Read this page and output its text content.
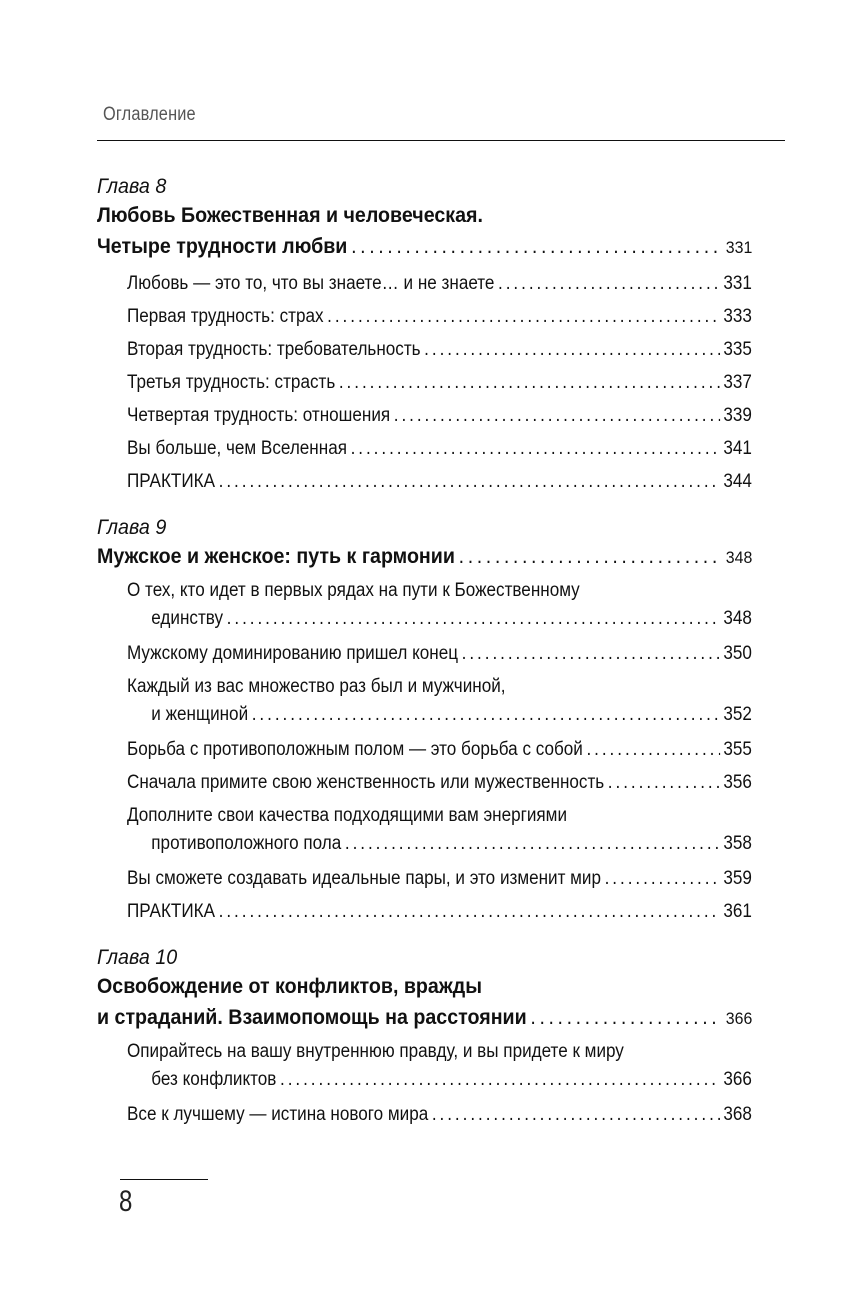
Оглавление
Глава 8
Любовь Божественная и человеческая.
Четыре трудности любви . . .	331
Любовь — это то, что вы знаете… и не знаете . . .	331
Первая трудность: страх . . .	333
Вторая трудность: требовательность . . .	335
Третья трудность: страсть . . .	337
Четвертая трудность: отношения . . .	339
Вы больше, чем Вселенная . . .	341
ПРАКТИКА . . .	344
Глава 9
Мужское и женское: путь к гармонии . . .	348
О тех, кто идет в первых рядах на пути к Божественному
единству . . .	348
Мужскому доминированию пришел конец . . .	350
Каждый из вас множество раз был и мужчиной,
и женщиной . . .	352
Борьба с противоположным полом — это борьба с собой . . .	355
Сначала примите свою женственность или мужественность . . .	356
Дополните свои качества подходящими вам энергиями
противоположного пола . . .	358
Вы сможете создавать идеальные пары, и это изменит мир . . .	359
ПРАКТИКА . . .	361
Глава 10
Освобождение от конфликтов, вражды
и страданий. Взаимопомощь на расстоянии . . .	366
Опирайтесь на вашу внутреннюю правду, и вы придете к миру
без конфликтов . . .	366
Все к лучшему — истина нового мира . . .	368
8
